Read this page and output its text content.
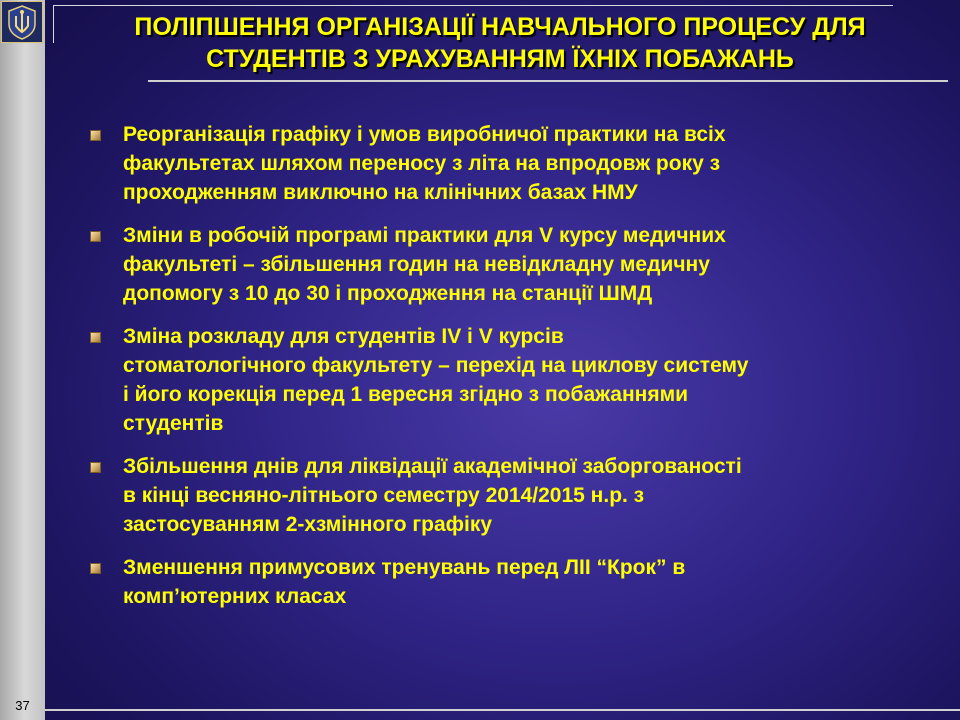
37
ПОЛІПШЕННЯ ОРГАНІЗАЦІЇ НАВЧАЛЬНОГО ПРОЦЕСУ ДЛЯ
СТУДЕНТІВ З УРАХУВАННЯМ ЇХНІХ ПОБАЖАНЬ
Реорганізація графіку і умов виробничої практики на всіх
факультетах шляхом переносу з літа на впродовж року з
проходженням виключно на клінічних базах НМУ
Зміни в робочій програмі практики для V курсу медичних
факультеті – збільшення годин на невідкладну медичну
допомогу з 10 до 30 і проходження на станції ШМД
Зміна розкладу для студентів IV і V курсів
стоматологічного факультету – перехід на циклову систему
і його корекція перед 1 вересня згідно з побажаннями
студентів
Збільшення днів для ліквідації академічної заборгованості
в кінці весняно-літнього семестру 2014/2015 н.р. з
застосуванням 2-хзмінного графіку
Зменшення примусових тренувань перед ЛІІ “Крок” в
комп’ютерних класах
